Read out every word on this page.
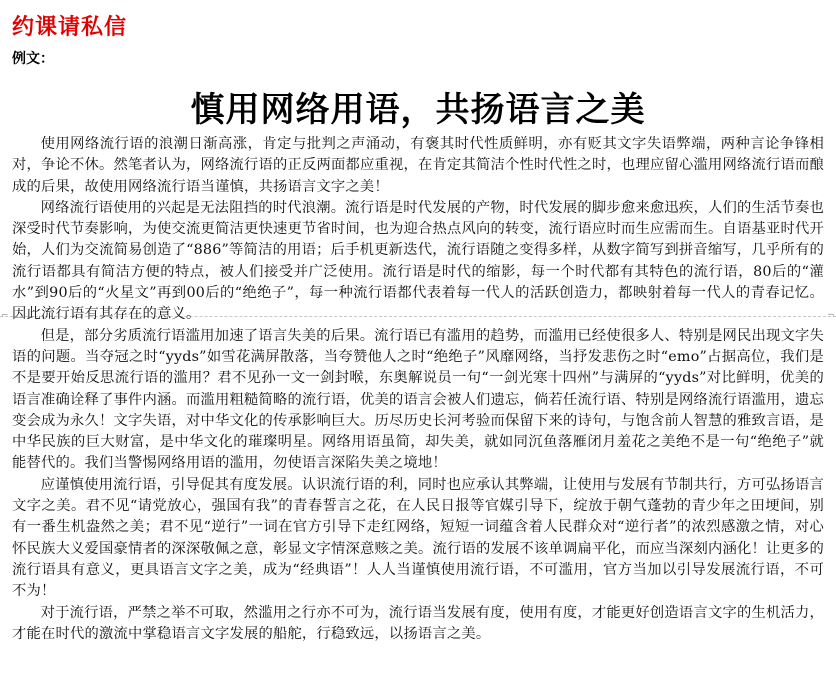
约课请私信
例文：
慎用网络用语，共扬语言之美
⌐	¬

使用网络流行语的浪潮日渐高涨，肯定与批判之声涌动，有褒其时代性质鲜明，亦有贬其文字失语弊端，两种言论争锋相对，争论不休。然笔者认为，网络流行语的正反两面都应重视，在肯定其简洁个性时代性之时，也理应留心滥用网络流行语而酿成的后果，故使用网络流行语当谨慎，共扬语言文字之美！

网络流行语使用的兴起是无法阻挡的时代浪潮。流行语是时代发展的产物，时代发展的脚步愈来愈迅疾，人们的生活节奏也深受时代节奏影响，为使交流更简洁更快速更节省时间，也为迎合热点风向的转变，流行语应时而生应需而生。自语基亚时代开始，人们为交流简易创造了“886”等简洁的用语；后手机更新迭代，流行语随之变得多样，从数字简写到拼音缩写，几乎所有的流行语都具有简洁方便的特点，被人们接受并广泛使用。流行语是时代的缩影，每一个时代都有其特色的流行语，80后的“灌水”到90后的“火星文”再到00后的“绝绝子”，每一种流行语都代表着每一代人的活跃创造力，都映射着每一代人的青春记忆。因此流行语有其存在的意义。

但是，部分劣质流行语滥用加速了语言失美的后果。流行语已有滥用的趋势，而滥用已经使很多人、特别是网民出现文字失语的问题。当夺冠之时“yyds”如雪花满屏散落，当夸赞他人之时“绝绝子”风靡网络，当抒发悲伤之时“emo”占据高位，我们是不是要开始反思流行语的滥用？君不见孙一文一剑封喉，东奥解说员一句“一剑光寒十四州”与满屏的“yyds”对比鲜明，优美的语言准确诠释了事件内涵。而滥用粗糙简略的流行语，优美的语言会被人们遗忘，倘若任流行语、特别是网络流行语滥用，遗忘变会成为永久！文字失语，对中华文化的传承影响巨大。历尽历史长河考验而保留下来的诗句，与饱含前人智慧的雅致言语，是中华民族的巨大财富，是中华文化的璀璨明星。网络用语虽简，却失美，就如同沉鱼落雁闭月羞花之美绝不是一句“绝绝子”就能替代的。我们当警惕网络用语的滥用，勿使语言深陷失美之境地！

应谨慎使用流行语，引导促其有度发展。认识流行语的利，同时也应承认其弊端，让使用与发展有节制共行，方可弘扬语言文字之美。君不见“请党放心，强国有我”的青春誓言之花，在人民日报等官媒引导下，绽放于朝气蓬勃的青少年之田埂间，别有一番生机盎然之美；君不见“逆行”一词在官方引导下走红网络，短短一词蕴含着人民群众对“逆行者”的浓烈感激之情，对心怀民族大义爱国豪情者的深深敬佩之意，彰显文字情深意赅之美。流行语的发展不该单调扁平化，而应当深刻内涵化！让更多的流行语具有意义，更具语言文字之美，成为“经典语”！人人当谨慎使用流行语，不可滥用，官方当加以引导发展流行语，不可不为！

对于流行语，严禁之举不可取，然滥用之行亦不可为，流行语当发展有度，使用有度，才能更好创造语言文字的生机活力，才能在时代的激流中掌稳语言文字发展的船舵，行稳致远，以扬语言之美。
